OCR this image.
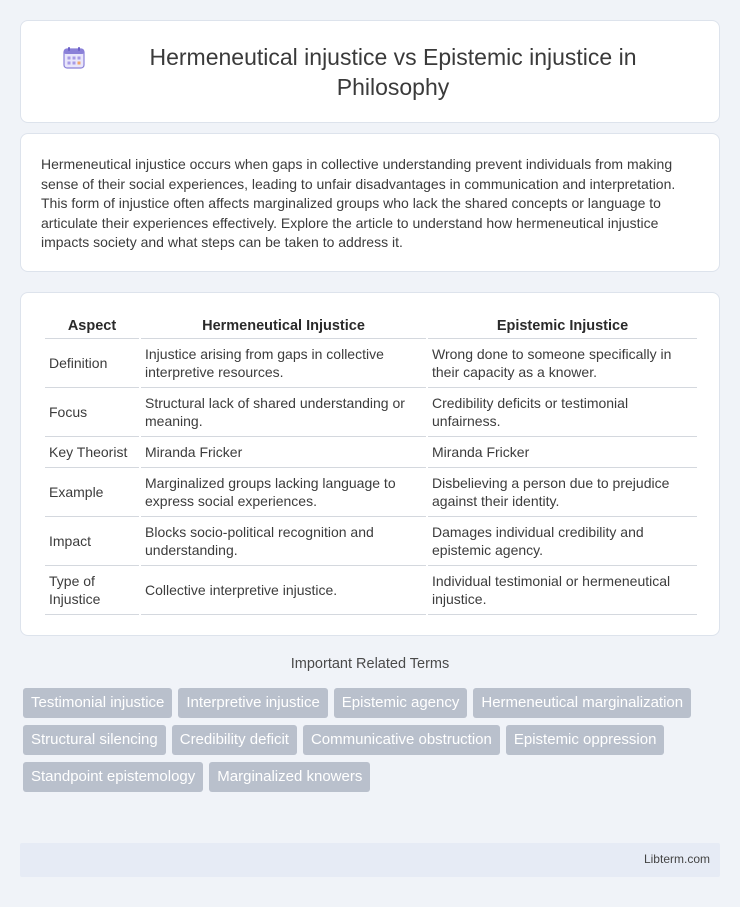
Hermeneutical injustice vs Epistemic injustice in Philosophy

Hermeneutical injustice occurs when gaps in collective understanding prevent individuals from making sense of their social experiences, leading to unfair disadvantages in communication and interpretation. This form of injustice often affects marginalized groups who lack the shared concepts or language to articulate their experiences effectively. Explore the article to understand how hermeneutical injustice impacts society and what steps can be taken to address it.

Aspect	Hermeneutical Injustice	Epistemic Injustice
Definition	Injustice arising from gaps in collective interpretive resources.	Wrong done to someone specifically in their capacity as a knower.
Focus	Structural lack of shared understanding or meaning.	Credibility deficits or testimonial unfairness.
Key Theorist	Miranda Fricker	Miranda Fricker
Example	Marginalized groups lacking language to express social experiences.	Disbelieving a person due to prejudice against their identity.
Impact	Blocks socio-political recognition and understanding.	Damages individual credibility and epistemic agency.
Type of Injustice	Collective interpretive injustice.	Individual testimonial or hermeneutical injustice.
Important Related Terms
Testimonial injustice	Interpretive injustice	Epistemic agency	Hermeneutical marginalization
Structural silencing	Credibility deficit	Communicative obstruction	Epistemic oppression
Standpoint epistemology	Marginalized knowers
Libterm.com
